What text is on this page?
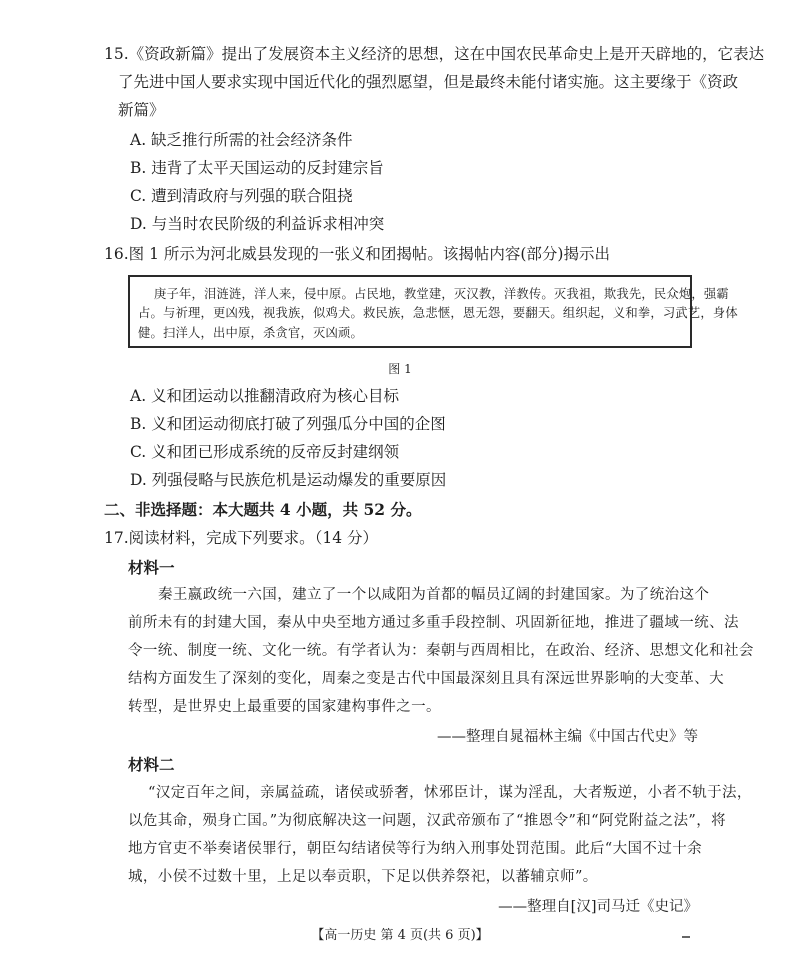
15.《资政新篇》提出了发展资本主义经济的思想，这在中国农民革命史上是开天辟地的，它表达
了先进中国人要求实现中国近代化的强烈愿望，但是最终未能付诸实施。这主要缘于《资政
新篇》
A. 缺乏推行所需的社会经济条件
B. 违背了太平天国运动的反封建宗旨
C. 遭到清政府与列强的联合阻挠
D. 与当时农民阶级的利益诉求相冲突
16.图 1 所示为河北威县发现的一张义和团揭帖。该揭帖内容(部分)揭示出
庚子年，泪涟涟，洋人来，侵中原。占民地，教堂建，灭汉教，洋教传。灭我祖，欺我先，民众炮，强霸
占。与祈理，更凶残，视我族，似鸡犬。救民族，急悲惬，恩无怨，要翻天。组织起，义和拳，习武艺，身体
健。扫洋人，出中原，杀贪官，灭凶顽。
图 1
A. 义和团运动以推翻清政府为核心目标
B. 义和团运动彻底打破了列强瓜分中国的企图
C. 义和团已形成系统的反帝反封建纲领
D. 列强侵略与民族危机是运动爆发的重要原因
二、非选择题：本大题共 4 小题，共 52 分。
17.阅读材料，完成下列要求。（14 分）
材料一
秦王嬴政统一六国，建立了一个以咸阳为首都的幅员辽阔的封建国家。为了统治这个
前所未有的封建大国，秦从中央至地方通过多重手段控制、巩固新征地，推进了疆域一统、法
令一统、制度一统、文化一统。有学者认为：秦朝与西周相比，在政治、经济、思想文化和社会
结构方面发生了深刻的变化，周秦之变是古代中国最深刻且具有深远世界影响的大变革、大
转型，是世界史上最重要的国家建构事件之一。
——整理自晁福林主编《中国古代史》等
材料二
“汉定百年之间，亲属益疏，诸侯或骄奢，怵邪臣计，谋为淫乱，大者叛逆，小者不轨于法，
以危其命，殒身亡国。”为彻底解决这一问题，汉武帝颁布了“推恩令”和“阿党附益之法”，将
地方官吏不举奏诸侯罪行，朝臣勾结诸侯等行为纳入刑事处罚范围。此后“大国不过十余
城，小侯不过数十里，上足以奉贡职，下足以供养祭祀，以蕃辅京师”。
——整理自[汉]司马迁《史记》
【高一历史 第 4 页(共 6 页)】
